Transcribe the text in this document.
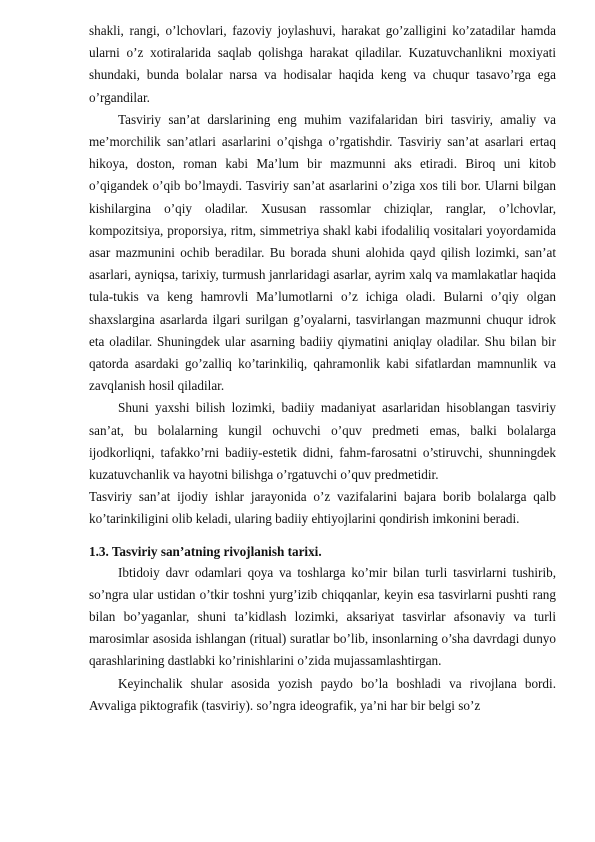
shakli, rangi, o’lchovlari, fazoviy joylashuvi, harakat go’zalligini ko’zatadilar hamda ularni o’z xotiralarida saqlab qolishga harakat qiladilar. Kuzatuvchanlikni moxiyati shundaki, bunda bolalar narsa va hodisalar haqida keng va chuqur tasavo’rga ega o’rgandilar.

Tasviriy san’at darslarining eng muhim vazifalaridan biri tasviriy, amaliy va me’morchilik san’atlari asarlarini o’qishga o’rgatishdir. Tasviriy san’at asarlari ertaq hikoya, doston, roman kabi Ma’lum bir mazmunni aks etiradi. Biroq uni kitob o’qigandek o’qib bo’lmaydi. Tasviriy san’at asarlarini o’ziga xos tili bor. Ularni bilgan kishilargina o’qiy oladilar. Xususan rassomlar chiziqlar, ranglar, o’lchovlar, kompozitsiya, proporsiya, ritm, simmetriya shakl kabi ifodaliliq vositalari yoyordamida asar mazmunini ochib beradilar. Bu borada shuni alohida qayd qilish lozimki, san’at asarlari, ayniqsa, tarixiy, turmush janrlaridagi asarlar, ayrim xalq va mamlakatlar haqida tula-tukis va keng hamrovli Ma’lumotlarni o’z ichiga oladi. Bularni o’qiy olgan shaxslargina asarlarda ilgari surilgan g’oyalarni, tasvirlangan mazmunni chuqur idrok eta oladilar. Shuningdek ular asarning badiiy qiymatini aniqlay oladilar. Shu bilan bir qatorda asardaki go’zalliq ko’tarinkiliq, qahramonlik kabi sifatlardan mamnunlik va zavqlanish hosil qiladilar.

Shuni yaxshi bilish lozimki, badiiy madaniyat asarlaridan hisoblangan tasviriy san’at, bu bolalarning kungil ochuvchi o’quv predmeti emas, balki bolalarga ijodkorliqni, tafakko’rni badiiy-estetik didni, fahm-farosatni o’stiruvchi, shunningdek kuzatuvchanlik va hayotni bilishga o’rgatuvchi o’quv predmetidir.

Tasviriy san’at ijodiy ishlar jarayonida o’z vazifalarini bajara borib bolalarga qalb ko’tarinkiligini olib keladi, ularing badiiy ehtiyojlarini qondirish imkonini beradi.

1.3. Tasviriy san’atning rivojlanish tarixi.

Ibtidoiy davr odamlari qoya va toshlarga ko’mir bilan turli tasvirlarni tushirib, so’ngra ular ustidan o’tkir toshni yurg’izib chiqqanlar, keyin esa tasvirlarni pushti rang bilan bo’yaganlar, shuni ta’kidlash lozimki, aksariyat tasvirlar afsonaviy va turli marosimlar asosida ishlangan (ritual) suratlar bo’lib, insonlarning o’sha davrdagi dunyo qarashlarining dastlabki ko’rinishlarini o’zida mujassamlashtirgan.

Keyinchalik shular asosida yozish paydo bo’la boshladi va rivojlana bordi. Avvaliga piktografik (tasviriy). so’ngra ideografik, ya’ni har bir belgi so’z
